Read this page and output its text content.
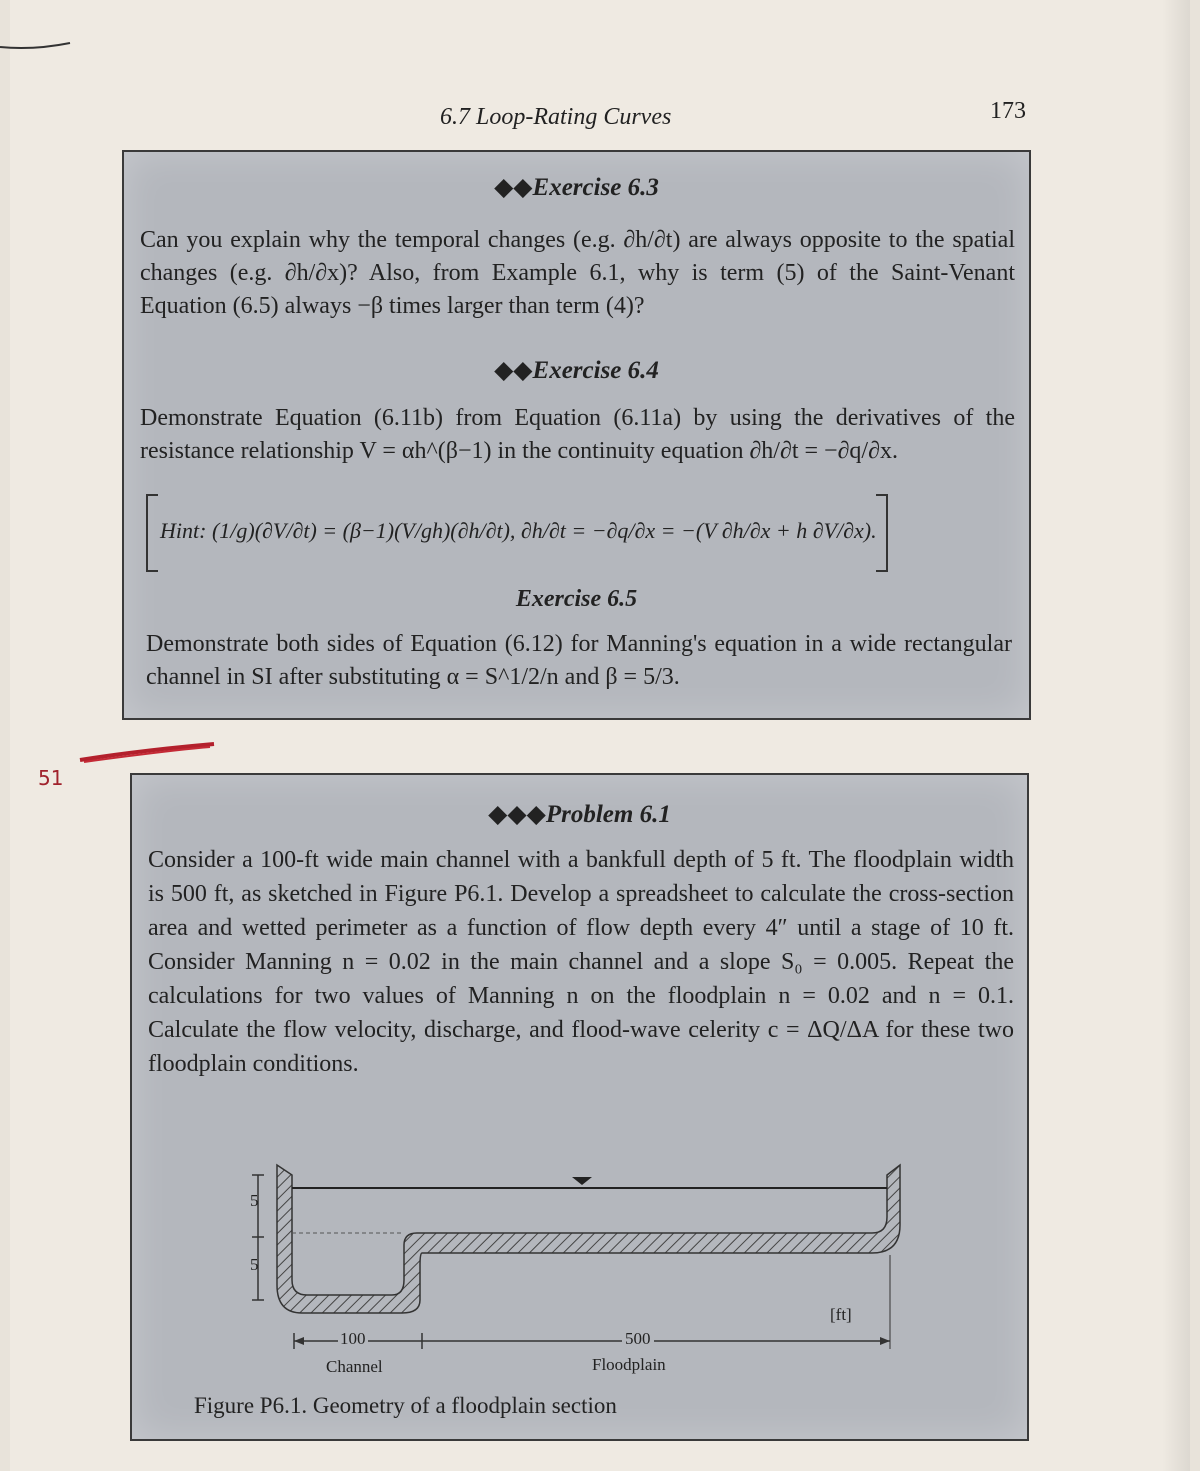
6.7 Loop-Rating Curves	173
◆◆Exercise 6.3
Can you explain why the temporal changes (e.g. ∂h/∂t) are always opposite to the spatial changes (e.g. ∂h/∂x)? Also, from Example 6.1, why is term (5) of the Saint-Venant Equation (6.5) always −β times larger than term (4)?
◆◆Exercise 6.4
Demonstrate Equation (6.11b) from Equation (6.11a) by using the derivatives of the resistance relationship V = αh^(β−1) in the continuity equation ∂h/∂t = −∂q/∂x.
Hint: (1/g)(∂V/∂t) = (β−1)(V/gh)(∂h/∂t), ∂h/∂t = −∂q/∂x = −(V ∂h/∂x + h ∂V/∂x).
Exercise 6.5
Demonstrate both sides of Equation (6.12) for Manning's equation in a wide rectangular channel in SI after substituting α = S^1/2/n and β = 5/3.
51
◆◆◆Problem 6.1
Consider a 100-ft wide main channel with a bankfull depth of 5 ft. The floodplain width is 500 ft, as sketched in Figure P6.1. Develop a spreadsheet to calculate the cross-section area and wetted perimeter as a function of flow depth every 4″ until a stage of 10 ft. Consider Manning n = 0.02 in the main channel and a slope S₀ = 0.005. Repeat the calculations for two values of Manning n on the floodplain n = 0.02 and n = 0.1. Calculate the flow velocity, discharge, and flood-wave celerity c = ΔQ/ΔA for these two floodplain conditions.
5
5
[ft]
100	500
Channel	Floodplain
Figure P6.1. Geometry of a floodplain section
